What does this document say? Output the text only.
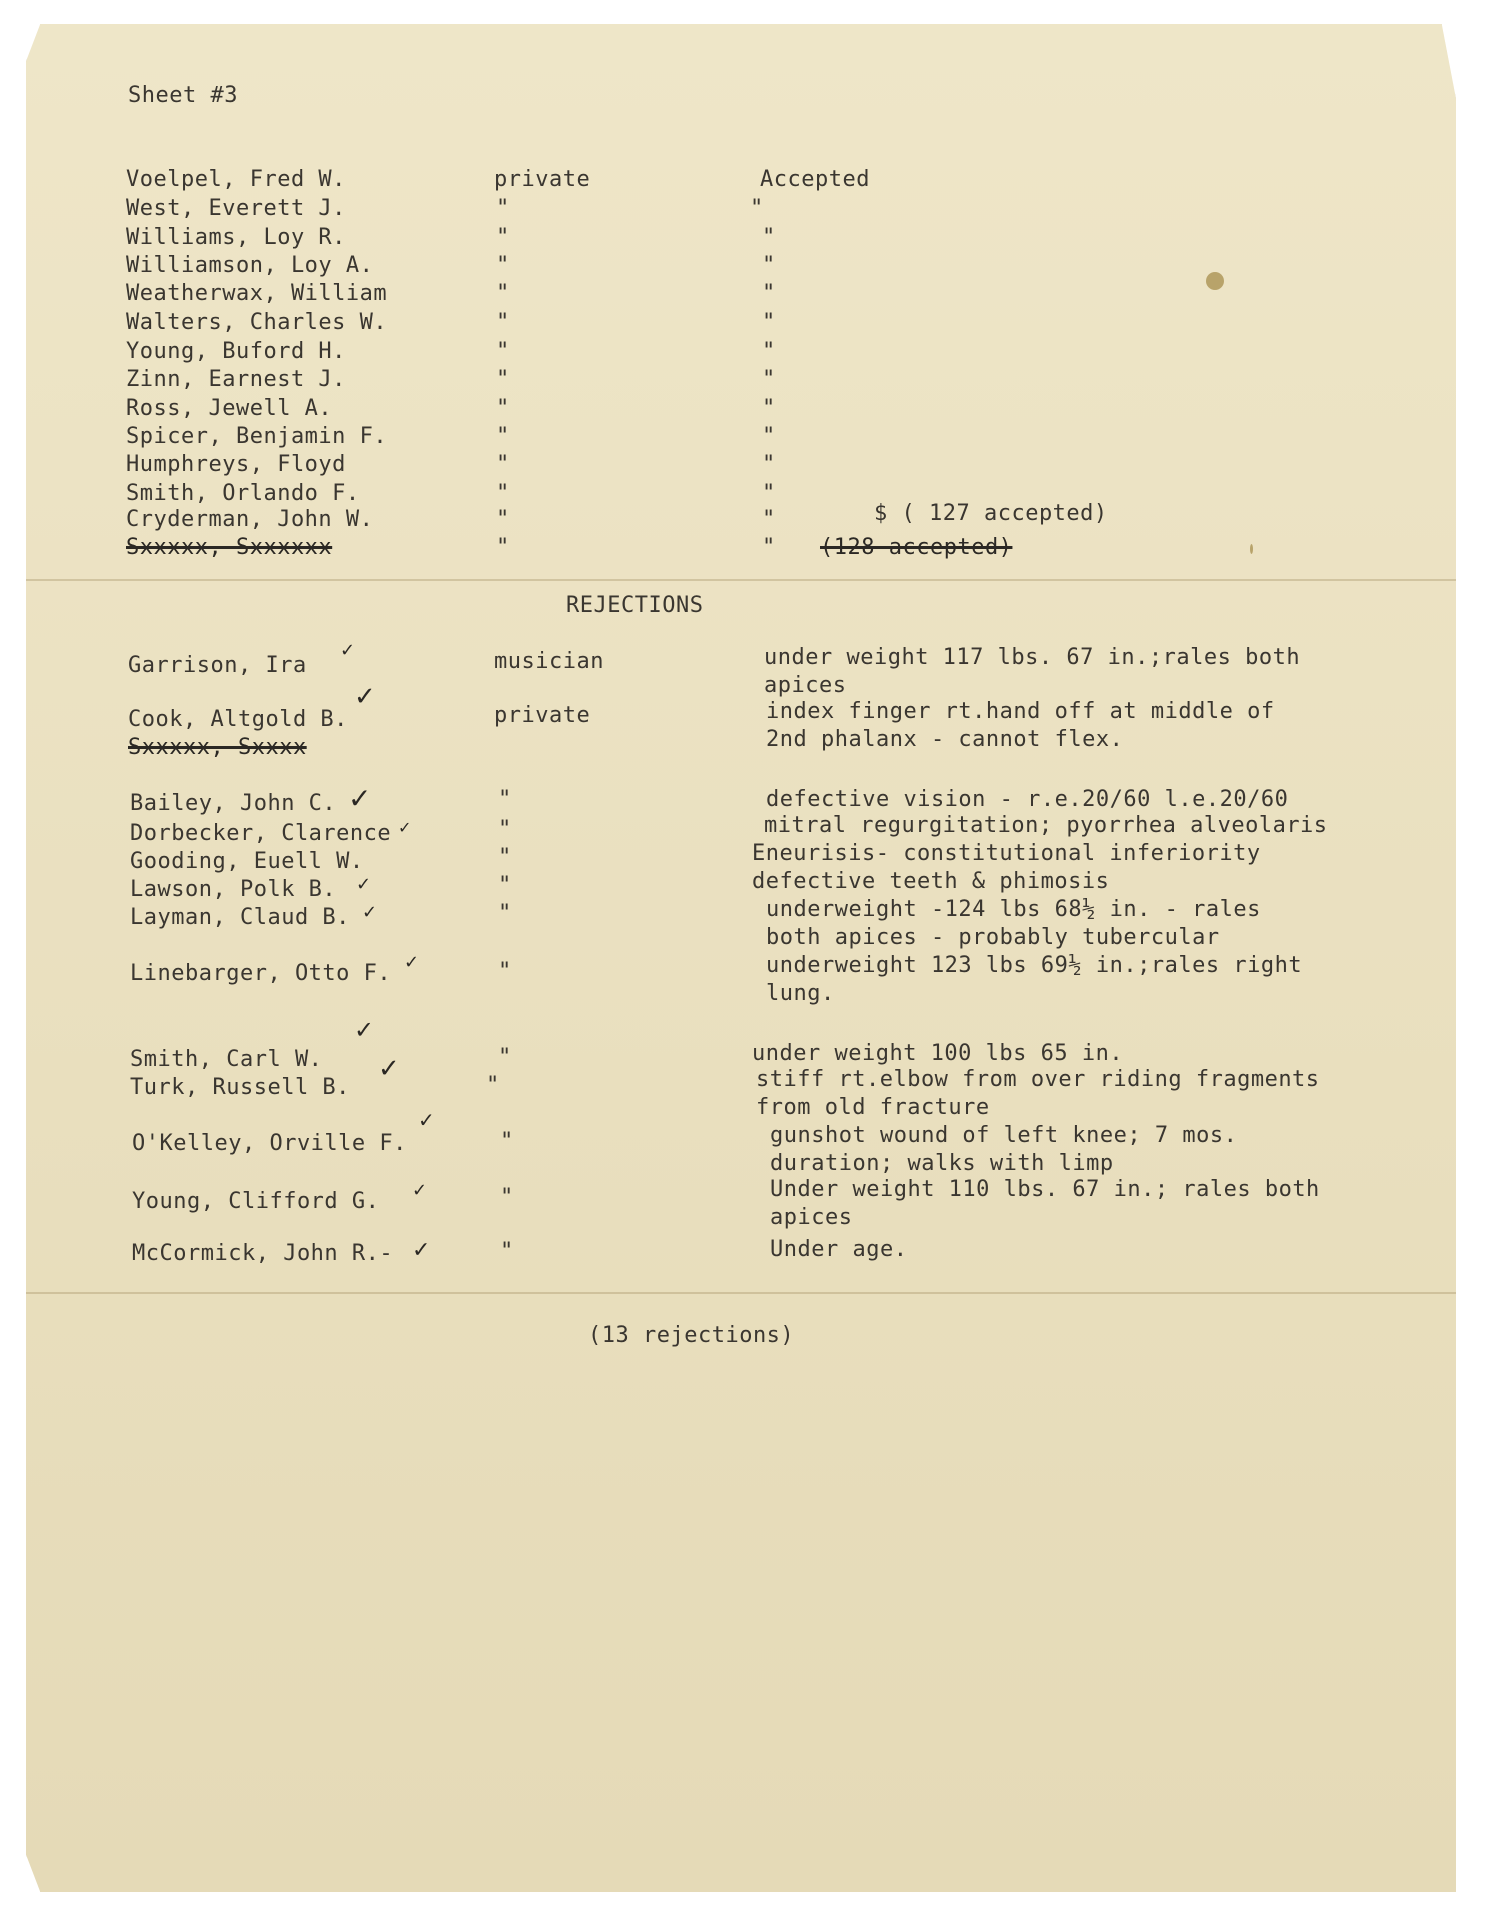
Sheet #3
Voelpel, Fred W.	private	Accepted
West, Everett J.	"	"
Williams, Loy R.	"	"
Williamson, Loy A.	"	"
Weatherwax, William	"	"
Walters, Charles W.	"	"
Young, Buford H.	"	"
Zinn, Earnest J.	"	"
Ross, Jewell A.	"	"
Spicer, Benjamin F.	"	"
Humphreys, Floyd	"	"
Smith, Orlando F.	"	"
Cryderman, John W.	"	"	$ ( 127 accepted)
Sxxxxx, Sxxxxxx	"	" (128 accepted)
REJECTIONS
Garrison, Ira	musician	under weight 117 lbs. 67 in.;rales both apices
Cook, Altgold B.	private	index finger rt.hand off at middle of 2nd phalanx - cannot flex.
Sxxxxx, Sxxxx
Bailey, John C.	"	defective vision - r.e.20/60 l.e.20/60
Dorbecker, Clarence	"	mitral regurgitation; pyorrhea alveolaris
Gooding, Euell W.	"	Eneurisis- constitutional inferiority
Lawson, Polk B.	"	defective teeth & phimosis
Layman, Claud B.	"	underweight -124 lbs 68½ in. - rales both apices - probably tubercular
Linebarger, Otto F.	"	underweight 123 lbs 69½ in.;rales right lung.
Smith, Carl W.	"	under weight 100 lbs 65 in.
Turk, Russell B.	"	stiff rt.elbow from over riding fragments from old fracture
O'Kelley, Orville F.	"	gunshot wound of left knee; 7 mos. duration; walks with limp
Young, Clifford G.	"	Under weight 110 lbs. 67 in.; rales both apices
McCormick, John R.-	"	Under age.
(13 rejections)
✓
✓
✓
✓
✓
✓
✓
✓
✓
✓
✓
✓
